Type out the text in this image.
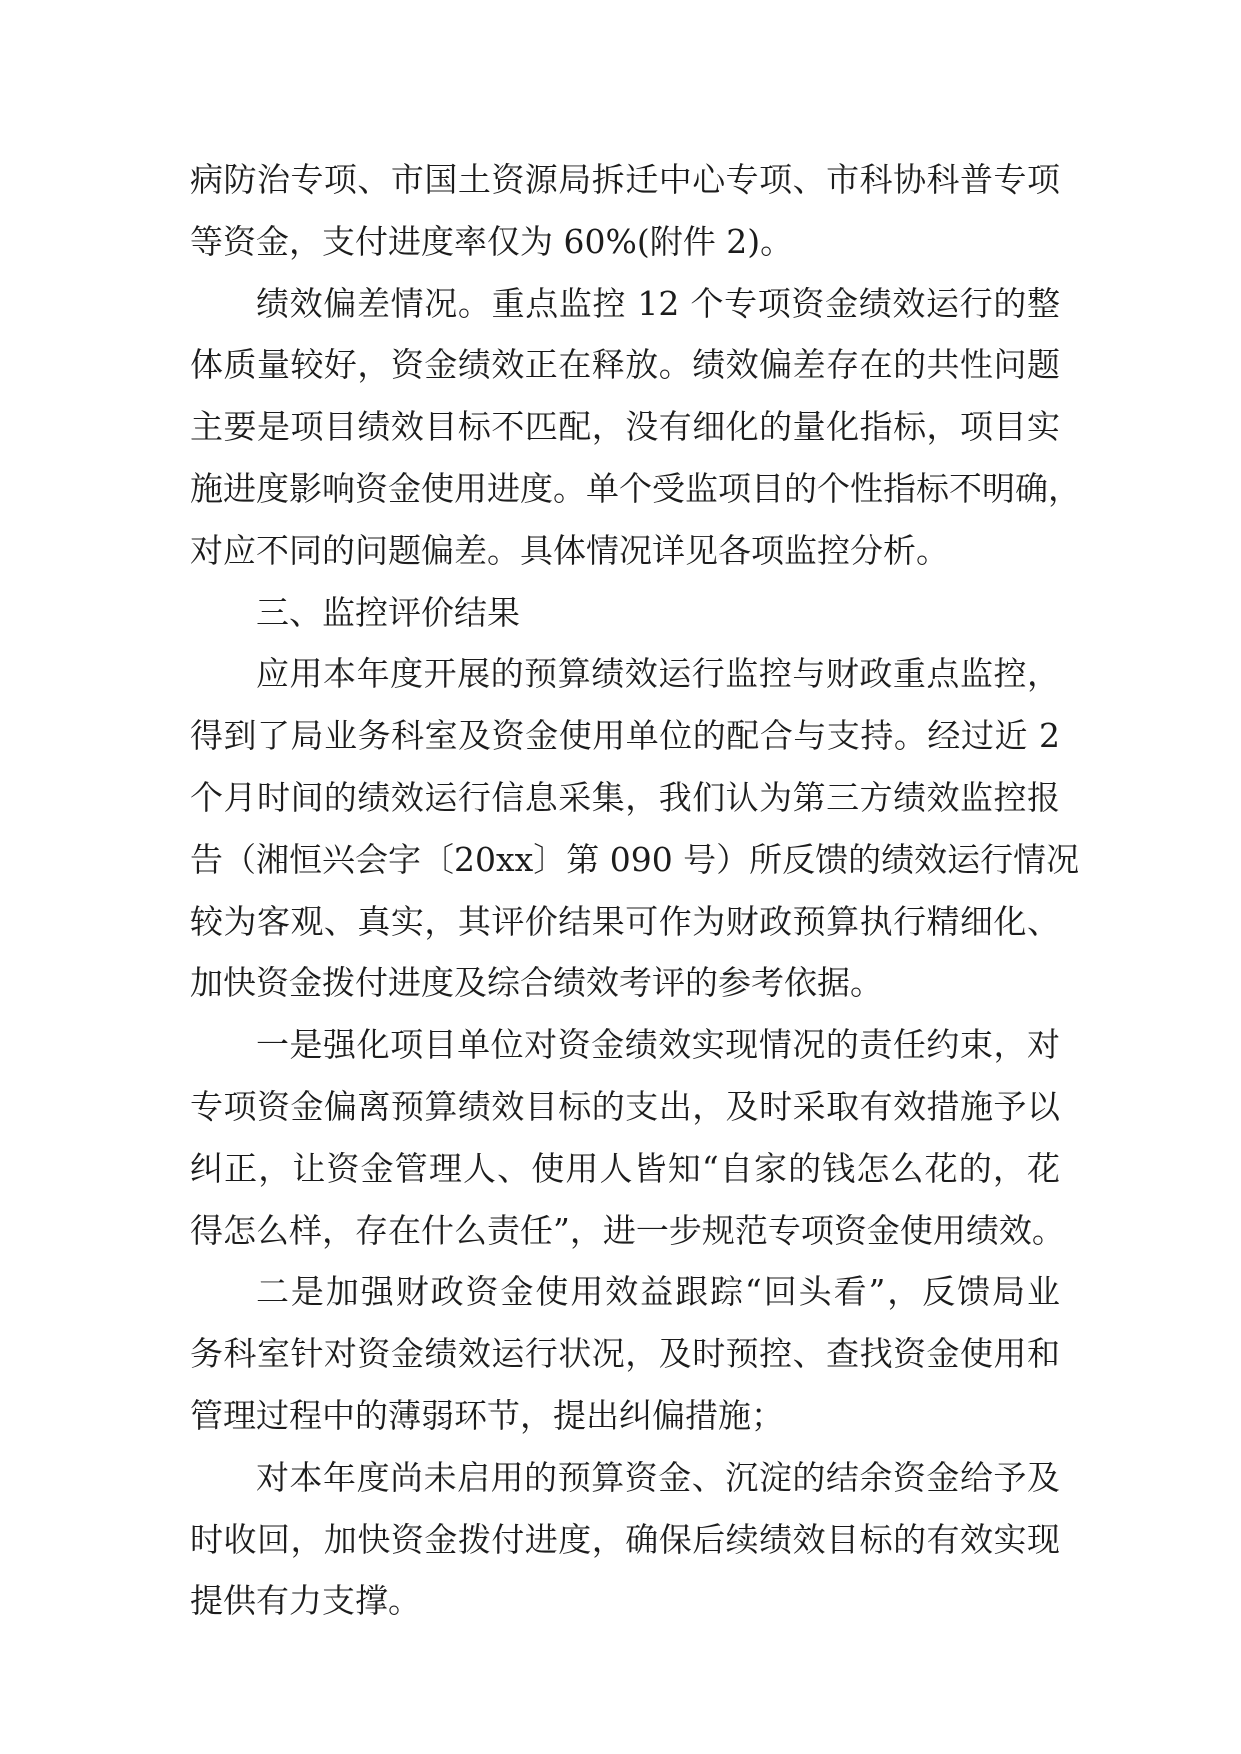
病防治专项、市国土资源局拆迁中心专项、市科协科普专项
等资金，支付进度率仅为 60%(附件 2)。
绩效偏差情况。重点监控 12 个专项资金绩效运行的整
体质量较好，资金绩效正在释放。绩效偏差存在的共性问题
主要是项目绩效目标不匹配，没有细化的量化指标，项目实
施进度影响资金使用进度。单个受监项目的个性指标不明确，
对应不同的问题偏差。具体情况详见各项监控分析。
三、监控评价结果
应用本年度开展的预算绩效运行监控与财政重点监控，
得到了局业务科室及资金使用单位的配合与支持。经过近 2
个月时间的绩效运行信息采集，我们认为第三方绩效监控报
告（湘恒兴会字〔20xx〕第 090 号）所反馈的绩效运行情况
较为客观、真实，其评价结果可作为财政预算执行精细化、
加快资金拨付进度及综合绩效考评的参考依据。
一是强化项目单位对资金绩效实现情况的责任约束，对
专项资金偏离预算绩效目标的支出，及时采取有效措施予以
纠正，让资金管理人、使用人皆知“自家的钱怎么花的，花
得怎么样，存在什么责任”，进一步规范专项资金使用绩效。
二是加强财政资金使用效益跟踪“回头看”，反馈局业
务科室针对资金绩效运行状况，及时预控、查找资金使用和
管理过程中的薄弱环节，提出纠偏措施；
对本年度尚未启用的预算资金、沉淀的结余资金给予及
时收回，加快资金拨付进度，确保后续绩效目标的有效实现
提供有力支撑。
